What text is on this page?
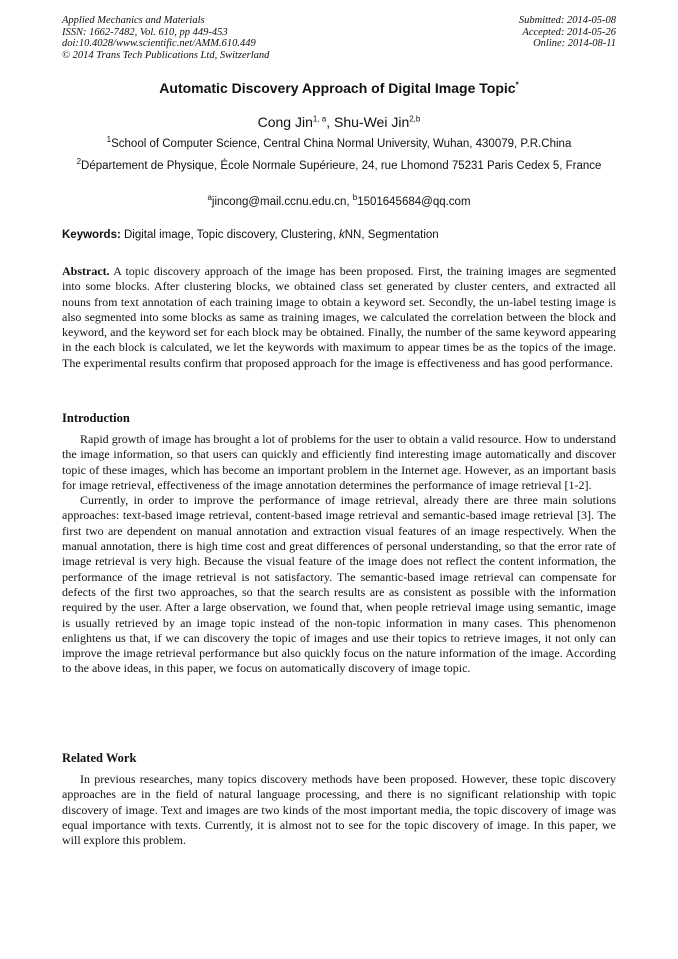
Applied Mechanics and Materials
ISSN: 1662-7482, Vol. 610, pp 449-453
doi:10.4028/www.scientific.net/AMM.610.449
© 2014 Trans Tech Publications Ltd, Switzerland
Submitted: 2014-05-08
Accepted: 2014-05-26
Online: 2014-08-11
Automatic Discovery Approach of Digital Image Topic*
Cong Jin$^{1, a}$, Shu-Wei Jin$^{2,b}$
$^1$School of Computer Science, Central China Normal University, Wuhan, 430079, P.R.China
$^2$Département de Physique, École Normale Supérieure, 24, rue Lhomond 75231 Paris Cedex 5, France
$^a$jincong@mail.ccnu.edu.cn, $^b$1501645684@qq.com
Keywords: Digital image, Topic discovery, Clustering, kNN, Segmentation
Abstract. A topic discovery approach of the image has been proposed. First, the training images are segmented into some blocks. After clustering blocks, we obtained class set generated by cluster centers, and extracted all nouns from text annotation of each training image to obtain a keyword set. Secondly, the un-label testing image is also segmented into some blocks as same as training images, we calculated the correlation between the block and keyword, and the keyword set for each block may be obtained. Finally, the number of the same keyword appearing in the each block is calculated, we let the keywords with maximum to appear times be as the topics of the image. The experimental results confirm that proposed approach for the image is effectiveness and has good performance.
Introduction

Rapid growth of image has brought a lot of problems for the user to obtain a valid resource. How to understand the image information, so that users can quickly and efficiently find interesting image automatically and discover topic of these images, which has become an important problem in the Internet age. However, as an important basis for image retrieval, effectiveness of the image annotation determines the performance of image retrieval [1-2].

Currently, in order to improve the performance of image retrieval, already there are three main solutions approaches: text-based image retrieval, content-based image retrieval and semantic-based image retrieval [3]. The first two are dependent on manual annotation and extraction visual features of an image respectively. When the manual annotation, there is high time cost and great differences of personal understanding, so that the error rate of image retrieval is very high. Because the visual feature of the image does not reflect the content information, the performance of the image retrieval is not satisfactory. The semantic-based image retrieval can compensate for defects of the first two approaches, so that the search results are as consistent as possible with the information required by the user. After a large observation, we found that, when people retrieval image using semantic, image is usually retrieved by an image topic instead of the non-topic information in many cases. This phenomenon enlightens us that, if we can discovery the topic of images and use their topics to retrieve images, it not only can improve the image retrieval performance but also quickly focus on the nature information of the image. According to the above ideas, in this paper, we focus on automatically discovery of image topic.

Related Work

In previous researches, many topics discovery methods have been proposed. However, these topic discovery approaches are in the field of natural language processing, and there is no significant relationship with topic discovery of image. Text and images are two kinds of the most important media, the topic discovery of image was equal importance with texts. Currently, it is almost not to see for the topic discovery of image. In this paper, we will explore this problem.
